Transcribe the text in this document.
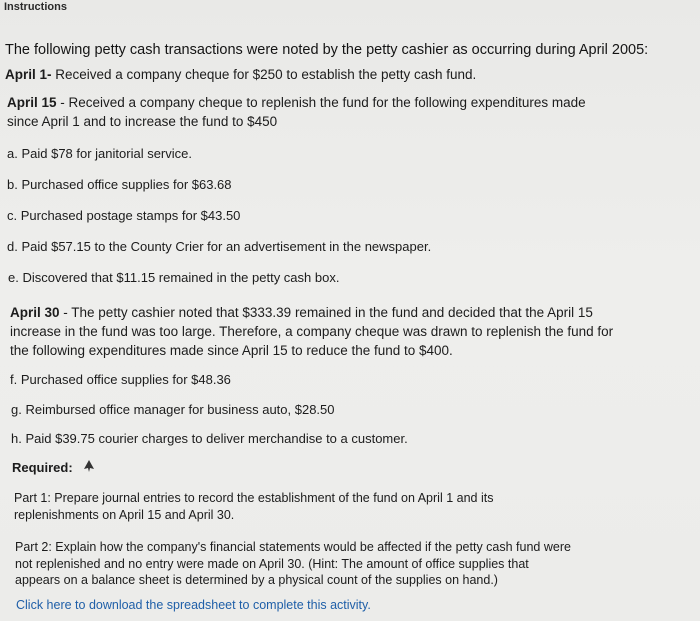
Instructions
The following petty cash transactions were noted by the petty cashier as occurring during April 2005:
April 1- Received a company cheque for $250 to establish the petty cash fund.
April 15 - Received a company cheque to replenish the fund for the following expenditures made
since April 1 and to increase the fund to $450
a. Paid $78 for janitorial service.
b. Purchased office supplies for $63.68
c. Purchased postage stamps for $43.50
d. Paid $57.15 to the County Crier for an advertisement in the newspaper.
e. Discovered that $11.15 remained in the petty cash box.
April 30 - The petty cashier noted that $333.39 remained in the fund and decided that the April 15
increase in the fund was too large. Therefore, a company cheque was drawn to replenish the fund for
the following expenditures made since April 15 to reduce the fund to $400.
f. Purchased office supplies for $48.36
g. Reimbursed office manager for business auto, $28.50
h. Paid $39.75 courier charges to deliver merchandise to a customer.
Required:
Part 1: Prepare journal entries to record the establishment of the fund on April 1 and its
replenishments on April 15 and April 30.
Part 2: Explain how the company's financial statements would be affected if the petty cash fund were
not replenished and no entry were made on April 30. (Hint: The amount of office supplies that
appears on a balance sheet is determined by a physical count of the supplies on hand.)
Click here to download the spreadsheet to complete this activity.
